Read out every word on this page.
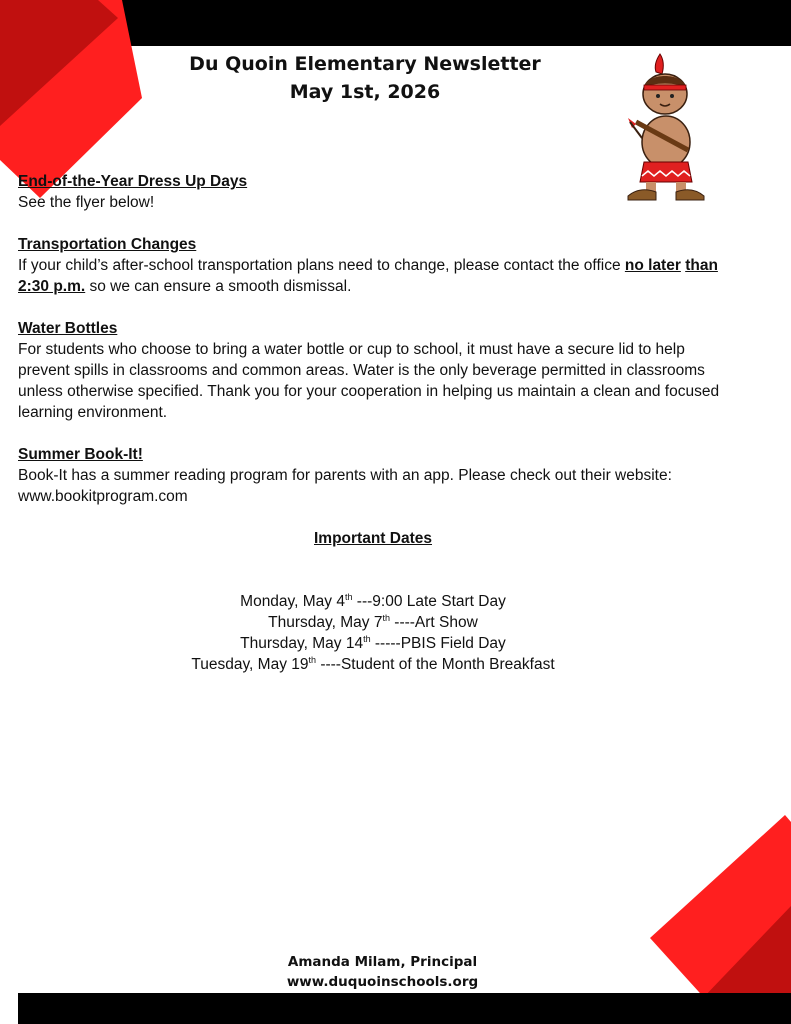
Du Quoin Elementary Newsletter
May 1st, 2026
End-of-the-Year Dress Up Days
See the flyer below!
Transportation Changes
If your child’s after-school transportation plans need to change, please contact the office no later than 2:30 p.m. so we can ensure a smooth dismissal.
Water Bottles
For students who choose to bring a water bottle or cup to school, it must have a secure lid to help prevent spills in classrooms and common areas. Water is the only beverage permitted in classrooms unless otherwise specified. Thank you for your cooperation in helping us maintain a clean and focused learning environment.
Summer Book-It!
Book-It has a summer reading program for parents with an app. Please check out their website: www.bookitprogram.com
Important Dates
Monday, May 4th ---9:00 Late Start Day
Thursday, May 7th ----Art Show
Thursday, May 14th -----PBIS Field Day
Tuesday, May 19th ----Student of the Month Breakfast
Amanda Milam, Principal
www.duquoinschools.org
